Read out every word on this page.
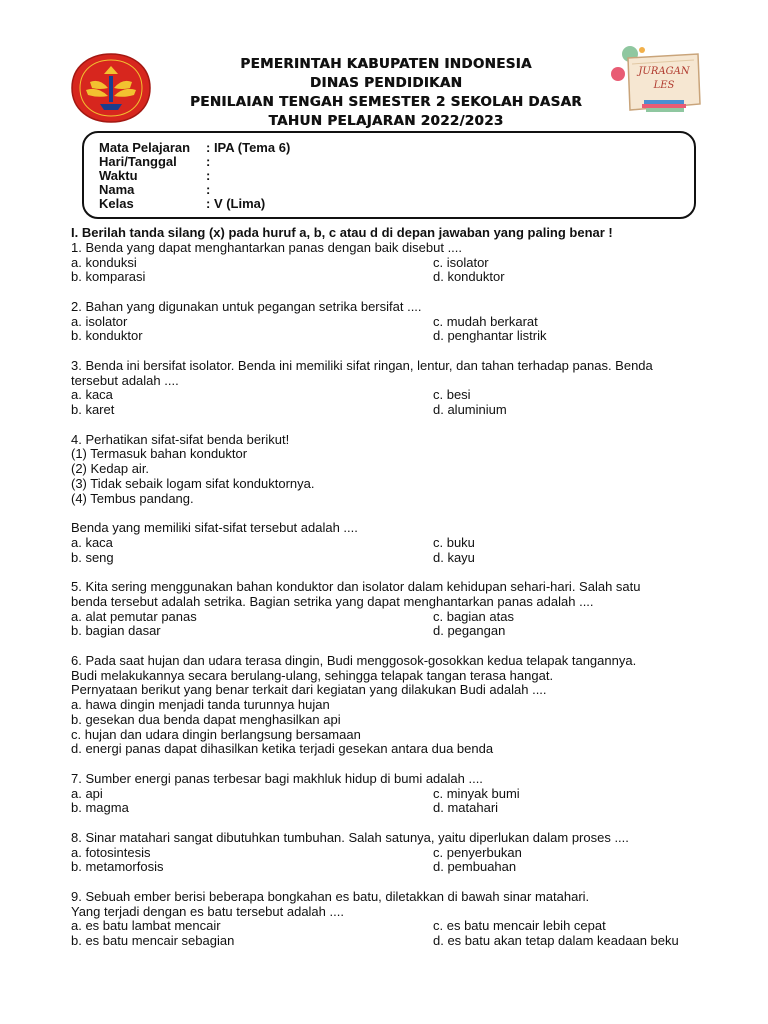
PEMERINTAH KABUPATEN INDONESIA
DINAS PENDIDIKAN
PENILAIAN TENGAH SEMESTER 2 SEKOLAH DASAR
TAHUN PELAJARAN 2022/2023
JURAGAN
LES
Mata Pelajaran : IPA (Tema 6)
Hari/Tanggal :
Waktu	:
Nama	:
Kelas	: V (Lima)
I. Berilah tanda silang (x) pada huruf a, b, c atau d di depan jawaban yang paling benar !
1. Benda yang dapat menghantarkan panas dengan baik disebut ....
a. konduksi	c. isolator
b. komparasi	d. konduktor
2. Bahan yang digunakan untuk pegangan setrika bersifat ....
a. isolator	c. mudah berkarat
b. konduktor	d. penghantar listrik
3. Benda ini bersifat isolator. Benda ini memiliki sifat ringan, lentur, dan tahan terhadap panas. Benda
tersebut adalah ....
a. kaca	c. besi
b. karet	d. aluminium
4. Perhatikan sifat-sifat benda berikut!
(1) Termasuk bahan konduktor
(2) Kedap air.
(3) Tidak sebaik logam sifat konduktornya.
(4) Tembus pandang.
Benda yang memiliki sifat-sifat tersebut adalah ....
a. kaca	c. buku
b. seng	d. kayu
5. Kita sering menggunakan bahan konduktor dan isolator dalam kehidupan sehari-hari. Salah satu
benda tersebut adalah setrika. Bagian setrika yang dapat menghantarkan panas adalah ....
a. alat pemutar panas	c. bagian atas
b. bagian dasar	d. pegangan
6. Pada saat hujan dan udara terasa dingin, Budi menggosok-gosokkan kedua telapak tangannya.
Budi melakukannya secara berulang-ulang, sehingga telapak tangan terasa hangat.
Pernyataan berikut yang benar terkait dari kegiatan yang dilakukan Budi adalah ....
a. hawa dingin menjadi tanda turunnya hujan
b. gesekan dua benda dapat menghasilkan api
c. hujan dan udara dingin berlangsung bersamaan
d. energi panas dapat dihasilkan ketika terjadi gesekan antara dua benda
7. Sumber energi panas terbesar bagi makhluk hidup di bumi adalah ....
a. api	c. minyak bumi
b. magma	d. matahari
8. Sinar matahari sangat dibutuhkan tumbuhan. Salah satunya, yaitu diperlukan dalam proses ....
a. fotosintesis	c. penyerbukan
b. metamorfosis	d. pembuahan
9. Sebuah ember berisi beberapa bongkahan es batu, diletakkan di bawah sinar matahari.
Yang terjadi dengan es batu tersebut adalah ....
a. es batu lambat mencair	c. es batu mencair lebih cepat
b. es batu mencair sebagian	d. es batu akan tetap dalam keadaan beku
